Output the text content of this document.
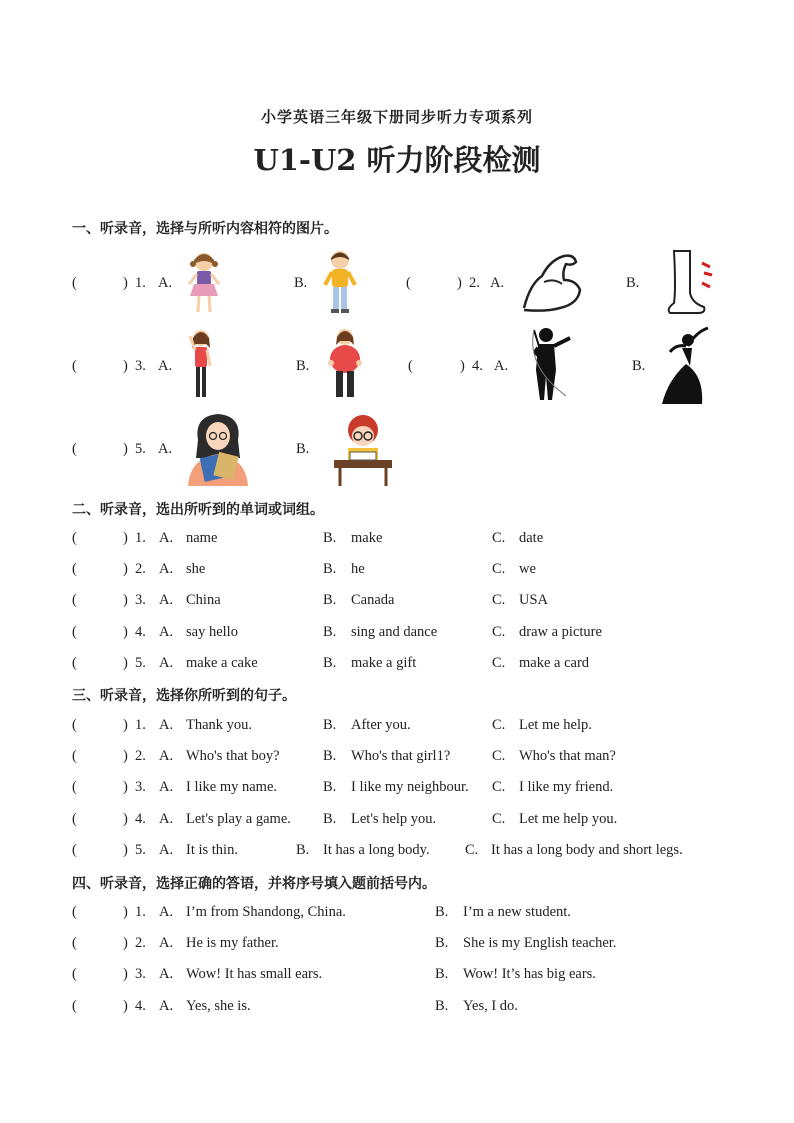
小学英语三年级下册同步听力专项系列
U1-U2 听力阶段检测
一、听录音，选择与所听内容相符的图片。
(	) 1. A.	B.	(	) 2. A.	B.
(	) 3. A.	B.	(	) 4. A.	B.
(	) 5. A.	B.
二、听录音，选出所听到的单词或词组。
(	) 1. A. name	B. make	C. date
(	) 2. A. she	B. he	C. we
(	) 3. A. China	B. Canada	C. USA
(	) 4. A. say hello	B. sing and dance	C. draw a picture
(	) 5. A. make a cake	B. make a gift	C. make a card
三、听录音，选择你所听到的句子。
(	) 1. A. Thank you.	B. After you.	C. Let me help.
(	) 2. A. Who's that boy?	B. Who's that girl1?	C. Who's that man?
(	) 3. A. I like my name.	B. I like my neighbour. C. I like my friend.
(	) 4. A. Let's play a game. B. Let's help you.	C. Let me help you.
(	) 5. A. It is thin.	B. It has a long body. C. It has a long body and short legs.
四、听录音，选择正确的答语，并将序号填入题前括号内。
(	) 1. A. I’m from Shandong, China.	B. I’m a new student.
(	) 2. A. He is my father.	B. She is my English teacher.
(	) 3. A. Wow! It has small ears.	B. Wow! It’s has big ears.
(	) 4. A. Yes, she is.	B. Yes, I do.
